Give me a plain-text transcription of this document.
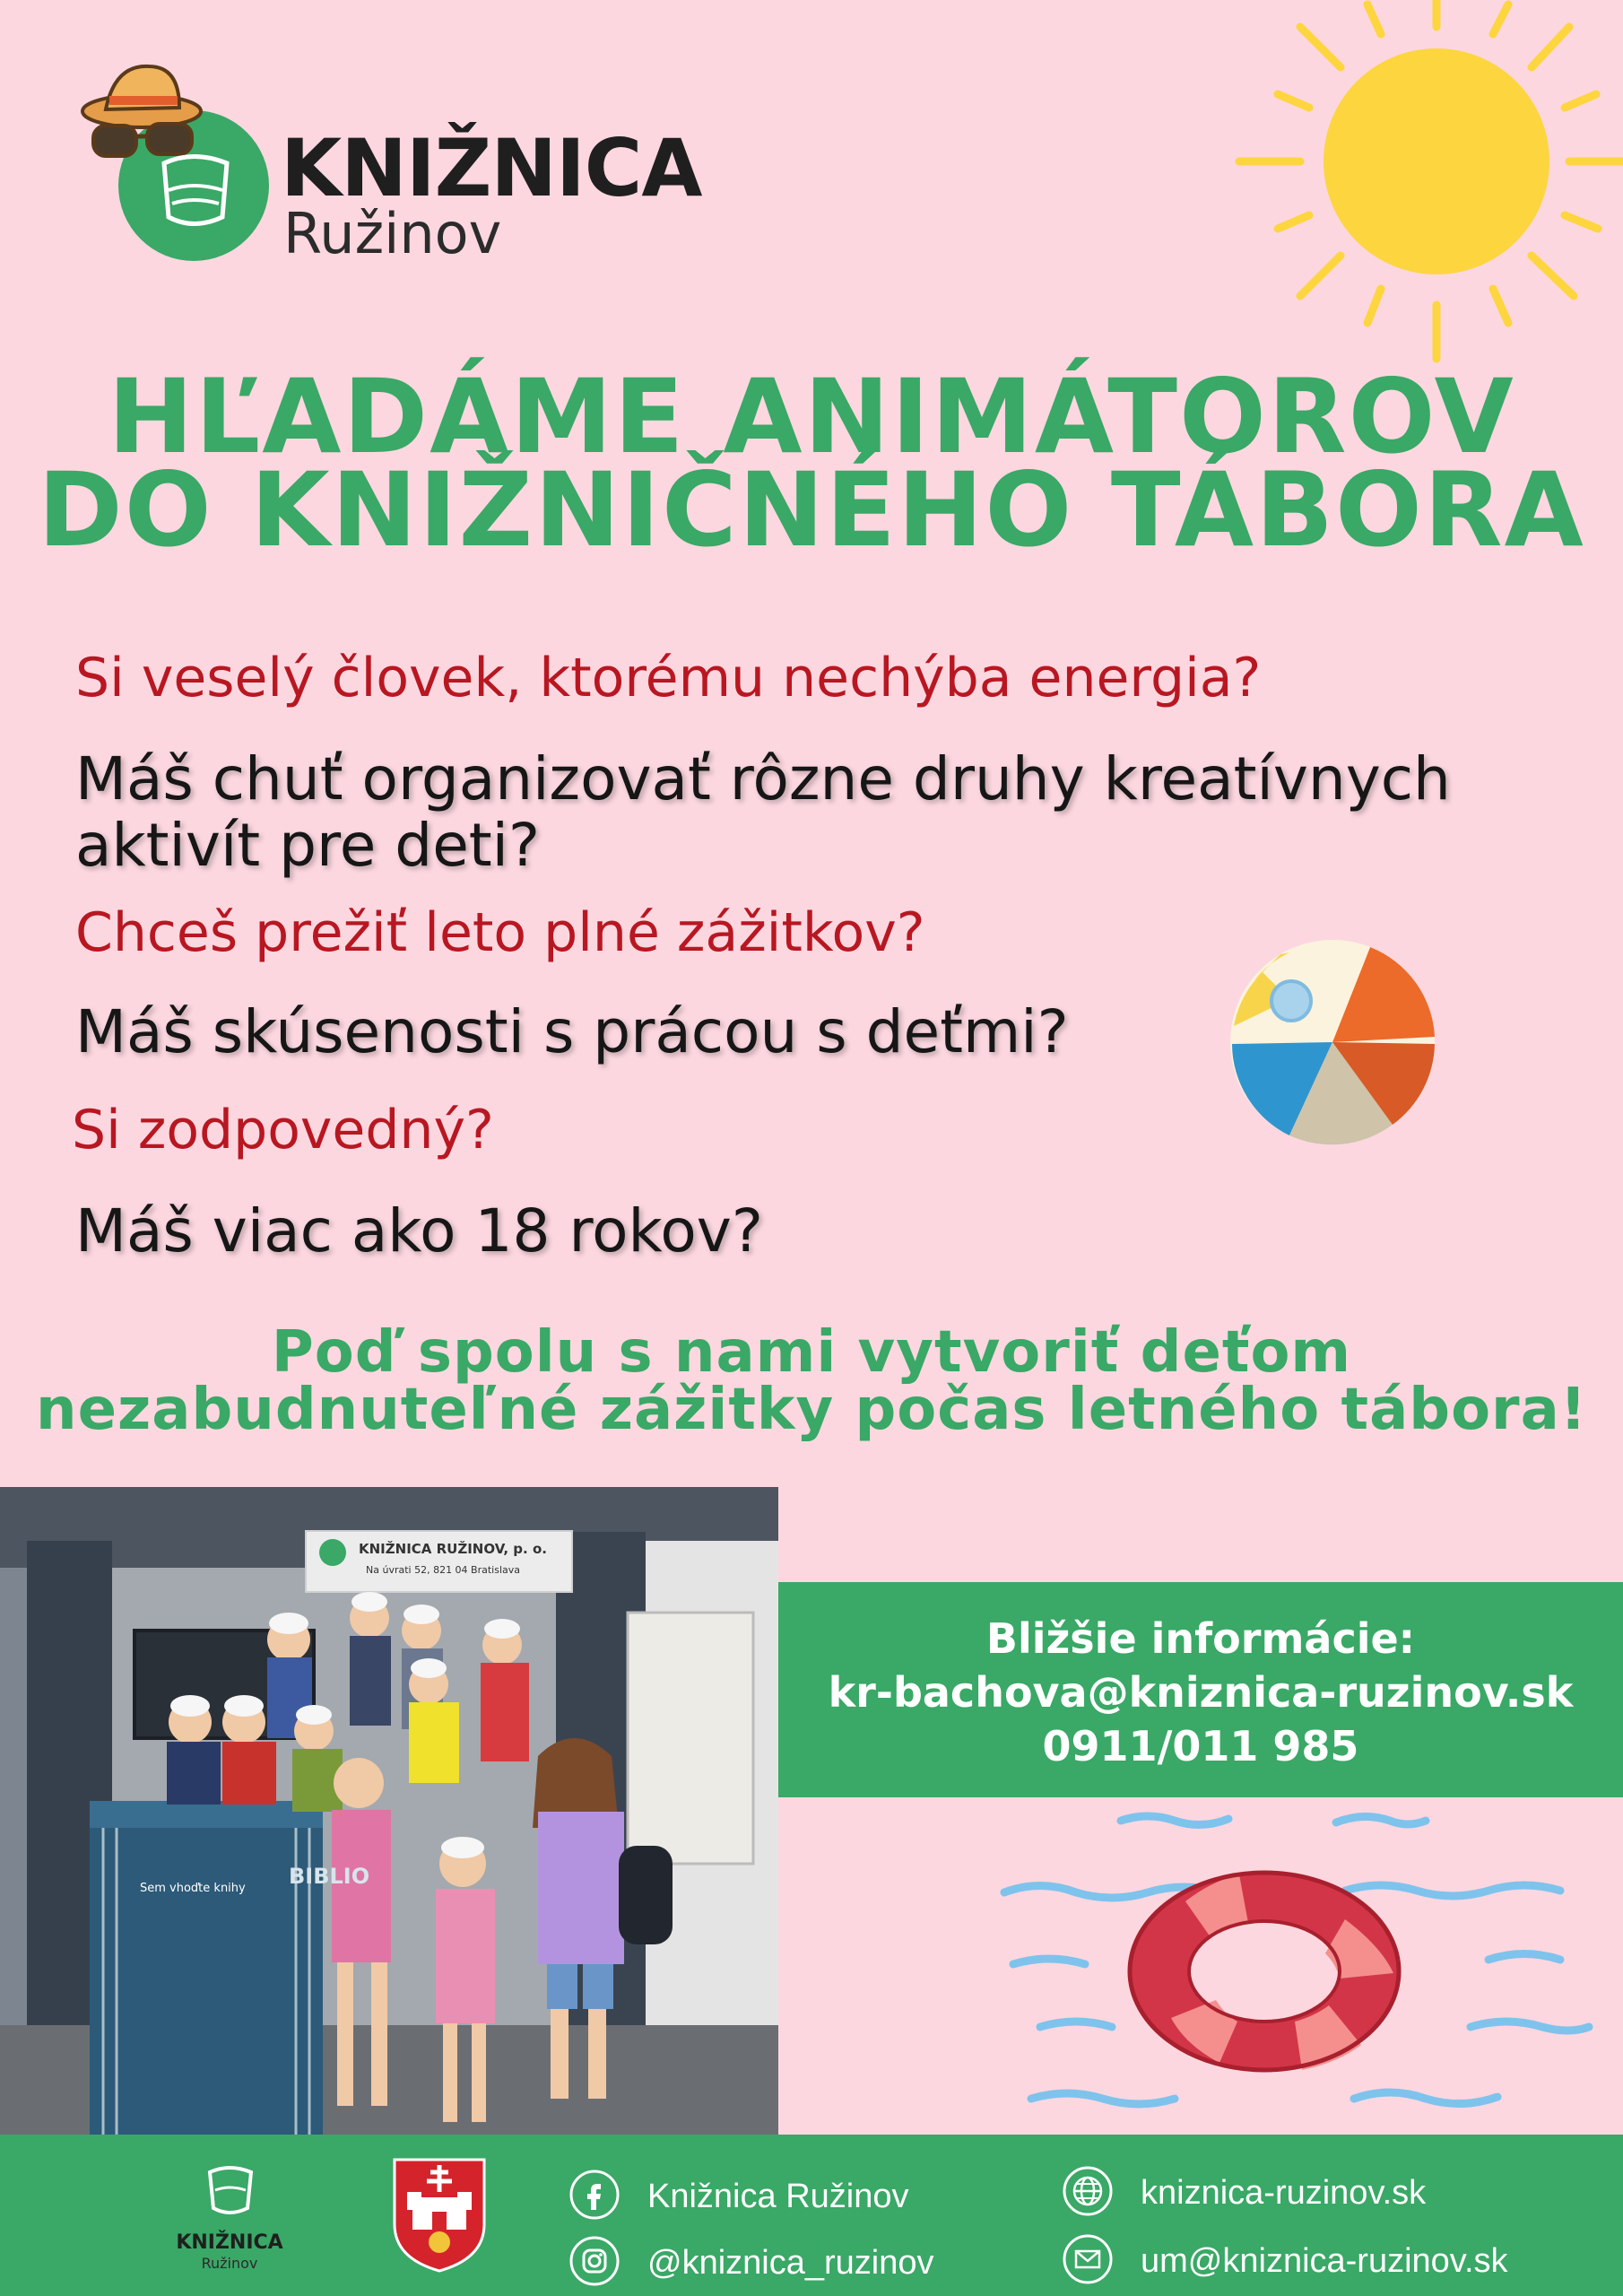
KNIŽNICA
Ružinov
HĽADÁME ANIMÁTOROV
DO KNIŽNIČNÉHO TÁBORA
Si veselý človek, ktorému nechýba energia?
Máš chuť organizovať rôzne druhy kreatívnych
aktivít pre deti?
Chceš prežiť leto plné zážitkov?
Máš skúsenosti s prácou s deťmi?
Si zodpovedný?
Máš viac ako 18 rokov?
Poď spolu s nami vytvoriť deťom
nezabudnuteľné zážitky počas letného tábora!
KNIŽNICA RUŽINOV, p. o.
Na úvrati 52, 821 04 Bratislava
Sem vhoďte knihy BIBLIO
Bližšie informácie:
kr-bachova@kniznica-ruzinov.sk
0911/011 985
KNIŽNICA
Ružinov
Knižnica Ružinov
@kniznica_ruzinov
kniznica-ruzinov.sk
um@kniznica-ruzinov.sk
